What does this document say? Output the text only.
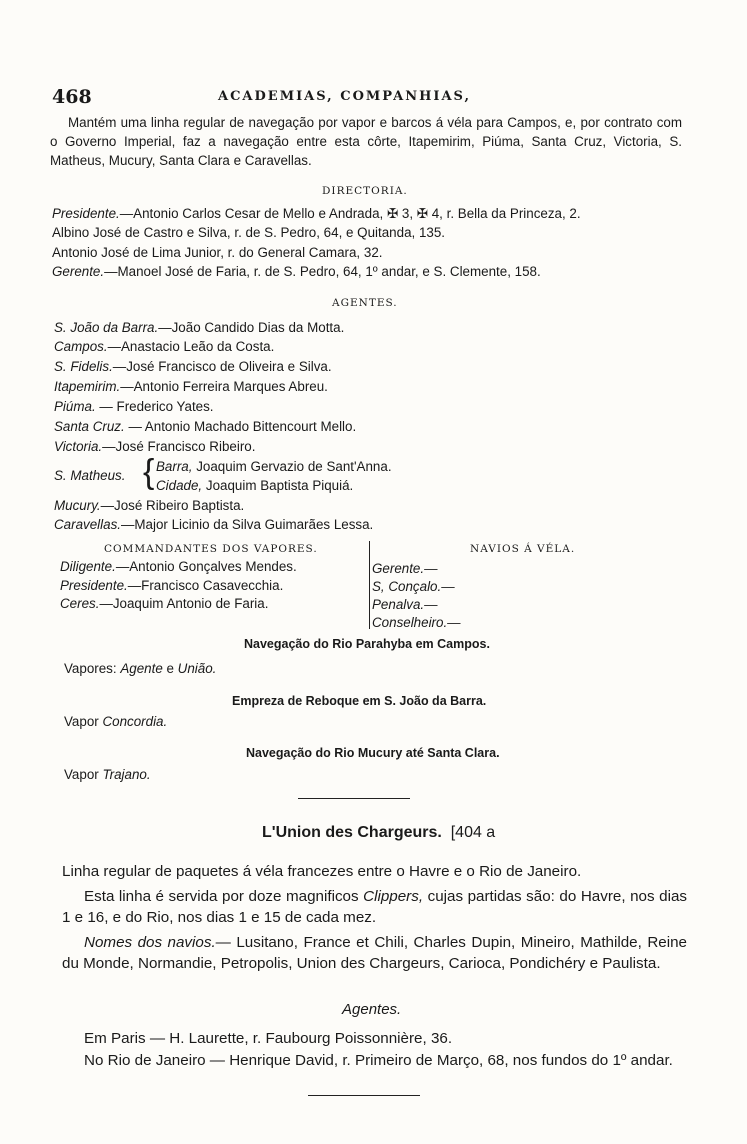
468	ACADEMIAS, COMPANHIAS,
Mantém uma linha regular de navegação por vapor e barcos á véla para Campos, e, por contrato com o Governo Imperial, faz a navegação entre esta côrte, Itapemirim, Piúma, Santa Cruz, Victoria, S. Matheus, Mucury, Santa Clara e Caravellas.
DIRECTORIA.
Presidente.—Antonio Carlos Cesar de Mello e Andrada, ✠ 3, ✠ 4, r. Bella da Princeza, 2.
Albino José de Castro e Silva, r. de S. Pedro, 64, e Quitanda, 135.
Antonio José de Lima Junior, r. do General Camara, 32.
Gerente.—Manoel José de Faria, r. de S. Pedro, 64, 1º andar, e S. Clemente, 158.
AGENTES.
S. João da Barra.—João Candido Dias da Motta.
Campos.—Anastacio Leão da Costa.
S. Fidelis.—José Francisco de Oliveira e Silva.
Itapemirim.—Antonio Ferreira Marques Abreu.
Piúma. — Frederico Yates.
Santa Cruz. — Antonio Machado Bittencourt Mello.
Victoria.—José Francisco Ribeiro.
S. Matheus. { Barra, Joaquim Gervazio de Sant'Anna.
Cidade, Joaquim Baptista Piquiá.
Mucury.—José Ribeiro Baptista.
Caravellas.—Major Licinio da Silva Guimarães Lessa.
COMMANDANTES DOS VAPORES.
Diligente.—Antonio Gonçalves Mendes.
Presidente.—Francisco Casavecchia.
Ceres.—Joaquim Antonio de Faria.
NAVIOS Á VÉLA.
Gerente.—
S, Conçalo.—
Penalva.—
Conselheiro.—
Navegação do Rio Parahyba em Campos.
Vapores: Agente e União.
Empreza de Reboque em S. João da Barra.
Vapor Concordia.
Navegação do Rio Mucury até Santa Clara.
Vapor Trajano.
L'Union des Chargeurs. [404 a
Linha regular de paquetes á véla francezes entre o Havre e o Rio de Janeiro.
Esta linha é servida por doze magnificos Clippers, cujas partidas são: do Havre, nos dias 1 e 16, e do Rio, nos dias 1 e 15 de cada mez.
Nomes dos navios.— Lusitano, France et Chili, Charles Dupin, Mineiro, Mathilde, Reine du Monde, Normandie, Petropolis, Union des Chargeurs, Carioca, Pondichéry e Paulista.
Agentes.
Em Paris — H. Laurette, r. Faubourg Poissonnière, 36.
No Rio de Janeiro — Henrique David, r. Primeiro de Março, 68, nos fundos do 1º andar.
